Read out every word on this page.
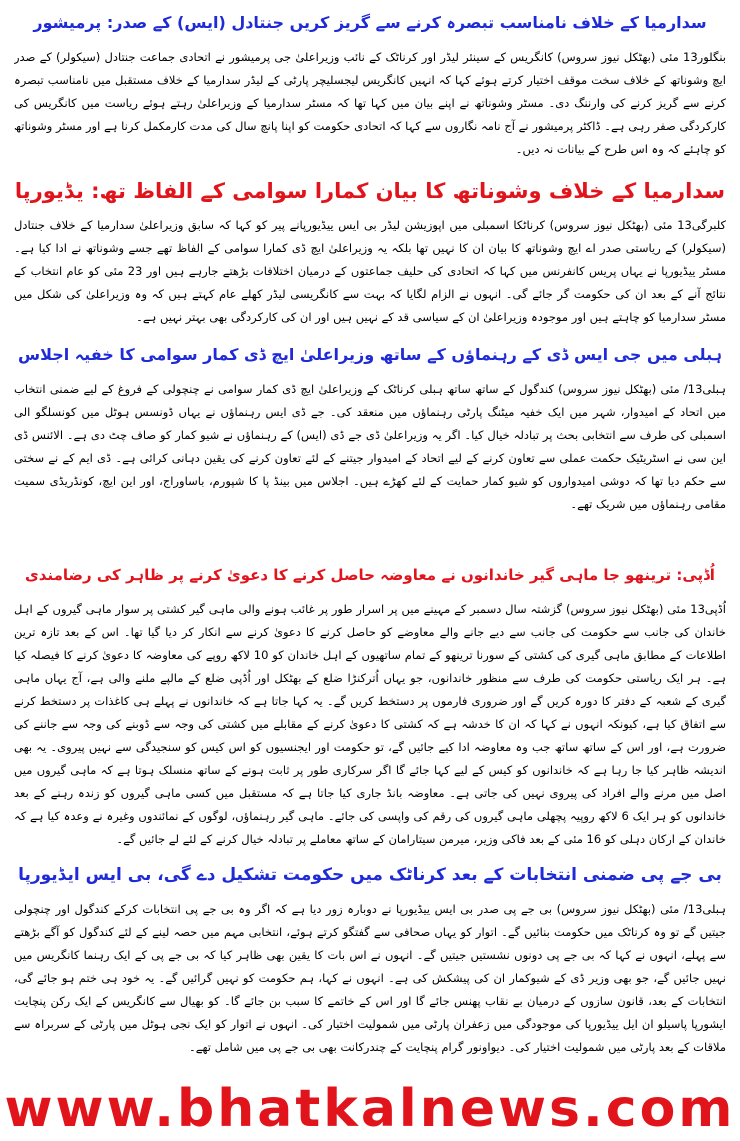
سدارمیا کے خلاف نامناسب تبصرہ کرنے سے گریز کریں جنتادل (ایس) کے صدر: پرمیشور

بنگلور13 مئی (بھٹکل نیوز سروس) کانگریس کے سینئر لیڈر اور کرناٹک کے نائب وزیراعلیٰ جی پرمیشور نے اتحادی جماعت جنتادل (سیکولر) کے صدر ایچ وشوناتھ کے خلاف سخت موقف اختیار کرتے ہوئے کہا کہ انہیں کانگریس لیجسلیچر پارٹی کے لیڈر سدارمیا کے خلاف مستقبل میں نامناسب تبصرہ کرنے سے گریز کرنے کی وارننگ دی۔ مسٹر وشوناتھ نے اپنے بیان میں کہا تھا کہ مسٹر سدارمیا کے وزیراعلیٰ رہتے ہوئے ریاست میں کانگریس کی کارکردگی صفر رہی ہے۔ ڈاکٹر پرمیشور نے آج نامہ نگاروں سے کہا کہ اتحادی حکومت کو اپنا پانچ سال کی مدت کارمکمل کرنا ہے اور مسٹر وشوناتھ کو چاہئے کہ وہ اس طرح کے بیانات نہ دیں۔

سدارمیا کے خلاف وشوناتھ کا بیان کمارا سوامی کے الفاظ تھ: یڈیورپا

کلبرگی13 مئی (بھٹکل نیوز سروس) کرناٹکا اسمبلی میں اپوزیشن لیڈر بی ایس ییڈیورپانے پیر کو کہا کہ سابق وزیراعلیٰ سدارمیا کے خلاف جنتادل (سیکولر) کے ریاستی صدر اے ایچ وشوناتھ کا بیان ان کا نہیں تھا بلکہ یہ وزیراعلیٰ ایچ ڈی کمارا سوامی کے الفاظ تھے جسے وشوناتھ نے ادا کیا ہے۔ مسٹر ییڈیورپا نے یہاں پریس کانفرنس میں کہا کہ اتحادی کی حلیف جماعتوں کے درمیان اختلافات بڑھتے جارہے ہیں اور 23 مئی کو عام انتخاب کے نتائج آنے کے بعد ان کی حکومت گر جائے گی۔ انہوں نے الزام لگایا کہ بہت سے کانگریسی لیڈر کھلے عام کہتے ہیں کہ وہ وزیراعلیٰ کی شکل میں مسٹر سدارمیا کو چاہتے ہیں اور موجودہ وزیراعلیٰ ان کے سیاسی قد کے نہیں ہیں اور ان کی کارکردگی بھی بہتر نہیں ہے۔

ہبلی میں جی ایس ڈی کے رہنماؤں کے ساتھ وزیراعلیٰ ایچ ڈی کمار سوامی کا خفیہ اجلاس

ہبلی13/ مئی (بھٹکل نیوز سروس) کندگول کے ساتھ ساتھ ہبلی کرناٹک کے وزیراعلیٰ ایچ ڈی کمار سوامی نے چنچولی کے فروغ کے لیے ضمنی انتخاب میں اتحاد کے امیدوار، شہر میں ایک خفیہ میٹنگ پارٹی رہنماؤں میں منعقد کی۔ جے ڈی ایس رہنماؤں نے یہاں ڈونسس ہوٹل میں کونسلگو الی اسمبلی کی طرف سے انتخابی بحث پر تبادلہ خیال کیا۔ اگر یہ وزیراعلیٰ ڈی جے ڈی (ایس) کے رہنماؤں نے شیو کمار کو صاف چٹ دی ہے۔ الائنس ڈی این سی نے اسٹریٹیک حکمت عملی سے تعاون کرنے کے لیے اتحاد کے امیدوار جیتنے کے لئے تعاون کرنے کی یقین دہانی کرائی ہے۔ ڈی ایم کے نے سختی سے حکم دیا تھا کہ دوشی امیدواروں کو شیو کمار حمایت کے لئے کھڑے ہیں۔ اجلاس میں بینڈ پا کا شپورم، باساوراج، اور این ایچ، کونڈریڈی سمیت مقامی رہنماؤں میں شریک تھے۔

اُڈپی: ترینھو جا ماہی گیر خاندانوں نے معاوضہ حاصل کرنے کا دعویٰ کرنے پر ظاہر کی رضامندی

اُڈپی13 مئی (بھٹکل نیوز سروس) گزشتہ سال دسمبر کے مہینے میں پر اسرار طور پر غائب ہونے والی ماہی گیر کشتی پر سوار ماہی گیروں کے اہل خاندان کی جانب سے حکومت کی جانب سے دیے جانے والے معاوضے کو حاصل کرنے کا دعویٰ کرنے سے انکار کر دیا گیا تھا۔ اس کے بعد تازہ ترین اطلاعات کے مطابق ماہی گیری کی کشتی کے سورنا ترینھو کے تمام ساتھیوں کے اہل خاندان کو 10 لاکھ روپے کی معاوضہ کا دعویٰ کرنے کا فیصلہ کیا ہے۔ ہر ایک ریاستی حکومت کی طرف سے منظور خاندانوں، جو یہاں اُترکنڑا ضلع کے بھٹکل اور اُڈپی ضلع کے مالپے ملنے والی ہے، آج یہاں ماہی گیری کے شعبہ کے دفتر کا دورہ کریں گے اور ضروری فارموں پر دستخط کریں گے۔ یہ کہا جاتا ہے کہ خاندانوں نے پہلے ہی کاغذات پر دستخط کرنے سے اتفاق کیا ہے، کیونکہ انہوں نے کہا کہ ان کا خدشہ ہے کہ کشتی کا دعویٰ کرنے کے مقابلے میں کشتی کی وجہ سے ڈوبنے کی وجہ سے جاننے کی ضرورت ہے، اور اس کے ساتھ ساتھ جب وہ معاوضہ ادا کیے جائیں گے، تو حکومت اور ایجنسیوں کو اس کیس کو سنجیدگی سے نہیں پیروی۔ یہ بھی اندیشہ ظاہر کیا جا رہا ہے کہ خاندانوں کو کیس کے لیے کہا جائے گا اگر سرکاری طور پر ثابت ہونے کے ساتھ منسلک ہوتا ہے کہ ماہی گیروں میں اصل میں مرنے والے افراد کی پیروی نہیں کی جاتی ہے۔ معاوضہ بانڈ جاری کیا جاتا ہے کہ مستقبل میں کسی ماہی گیروں کو زندہ رہنے کے بعد خاندانوں کو ہر ایک 6 لاکھ روپیہ پچھلی ماہی گیروں کی رقم کی واپسی کی جائے۔ ماہی گیر رہنماؤں، لوگوں کے نمائندوں وغیرہ نے وعدہ کیا ہے کہ خاندان کے ارکان دہلی کو 16 مئی کے بعد فاکی وزیر، میرمن سیتارامان کے ساتھ معاملے پر تبادلہ خیال کرنے کے لئے لے جائیں گے۔

بی جے پی ضمنی انتخابات کے بعد کرناٹک میں حکومت تشکیل دے گی، بی ایس ایڈیورپا

ہبلی13/ مئی (بھٹکل نیوز سروس) بی جے پی صدر بی ایس ییڈیورپا نے دوبارہ زور دیا ہے کہ اگر وہ بی جے پی انتخابات کرکے کندگول اور چنچولی جیتیں گے تو وہ کرناٹک میں حکومت بنائیں گے۔ اتوار کو یہاں صحافی سے گفتگو کرتے ہوئے، انتخابی مہم میں حصہ لینے کے لئے کندگول کو آگے بڑھتے سے پہلے، انہوں نے کہا کہ بی جے پی دونوں نشستیں جیتیں گے۔ انہوں نے اس بات کا یقین بھی ظاہر کیا کہ بی جے پی کے ایک رہنما کانگریس میں نہیں جائیں گے، جو بھی وزیر ڈی کے شیوکمار ان کی پیشکش کی ہے۔ انہوں نے کہا، ہم حکومت کو نہیں گرائیں گے۔ یہ خود ہی ختم ہو جائے گی، انتخابات کے بعد، قانون سازوں کے درمیان بے نقاب پھنس جائے گا اور اس کے خاتمے کا سبب بن جائے گا۔ کو بھیال سے کانگریس کے ایک رکن پنچایت ایشورپا پاسیلو ان ایل ییڈیورپا کی موجودگی میں زعفران پارٹی میں شمولیت اختیار کی۔ انہوں نے اتوار کو ایک نجی ہوٹل میں پارٹی کے سربراہ سے ملاقات کے بعد پارٹی میں شمولیت اختیار کی۔ دیواونور گرام پنچایت کے چندرکانت بھی بی جے پی میں شامل تھے۔

www.bhatkalnews.com
